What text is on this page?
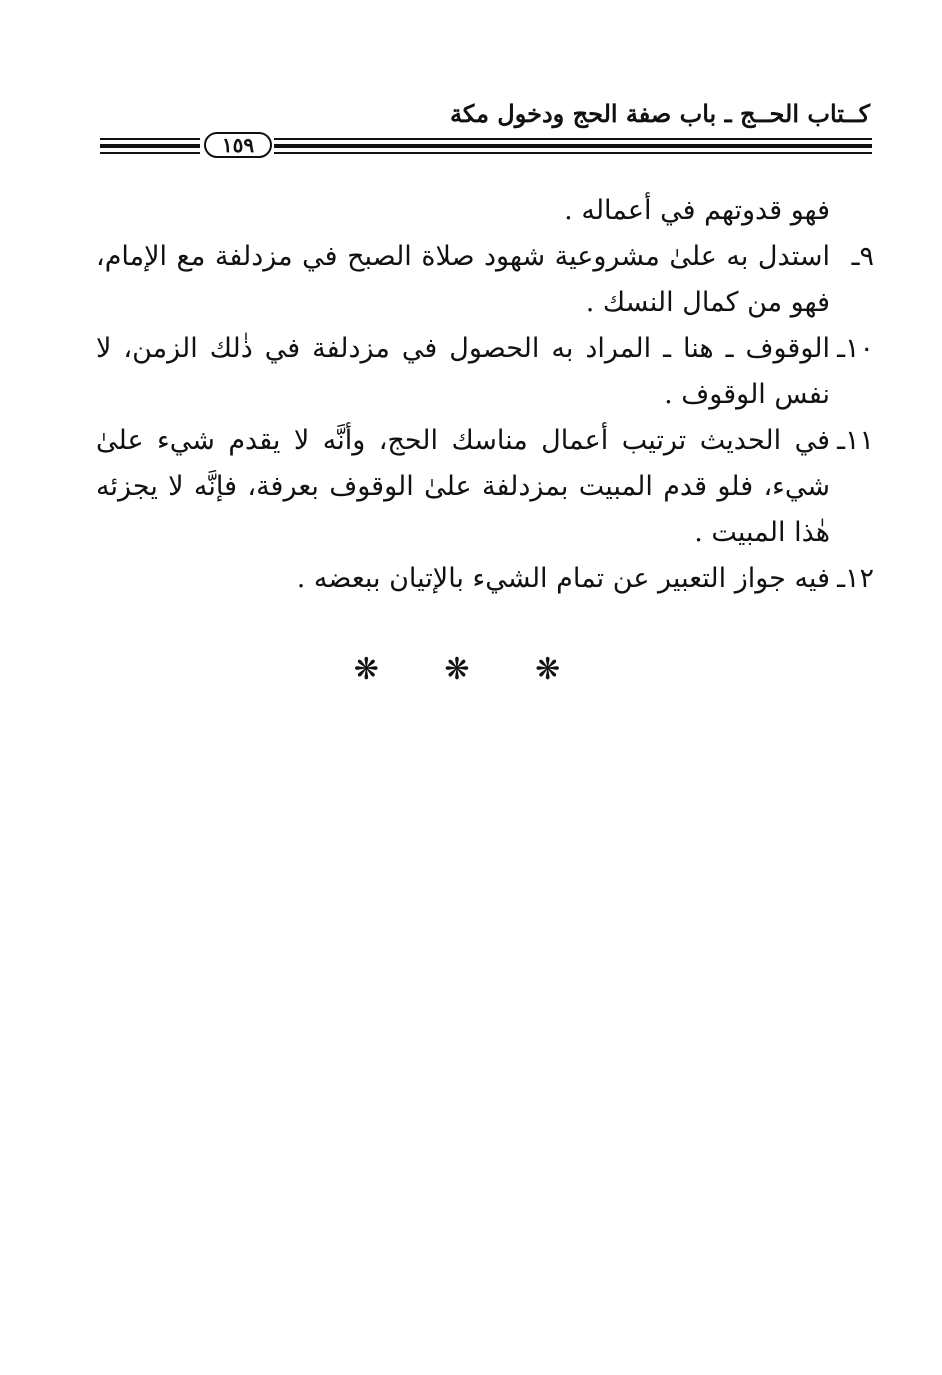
كــتاب الحــج ـ باب صفة الحج ودخول مكة
١٥٩

فهو قدوتهم في أعماله .

٩ـ
استدل به علىٰ مشروعية شهود صلاة الصبح في مزدلفة مع الإمام، فهو من كمال النسك .
١٠ـ
الوقوف ـ هنا ـ المراد به الحصول في مزدلفة في ذٰلك الزمن، لا نفس الوقوف .
١١ـ
في الحديث ترتيب أعمال مناسك الحج، وأنَّه لا يقدم شيء علىٰ شيء، فلو قدم المبيت بمزدلفة علىٰ الوقوف بعرفة، فإنَّه لا يجزئه هٰذا المبيت .
١٢ـ
فيه جواز التعبير عن تمام الشيء بالإتيان ببعضه .
❋ ❋ ❋
